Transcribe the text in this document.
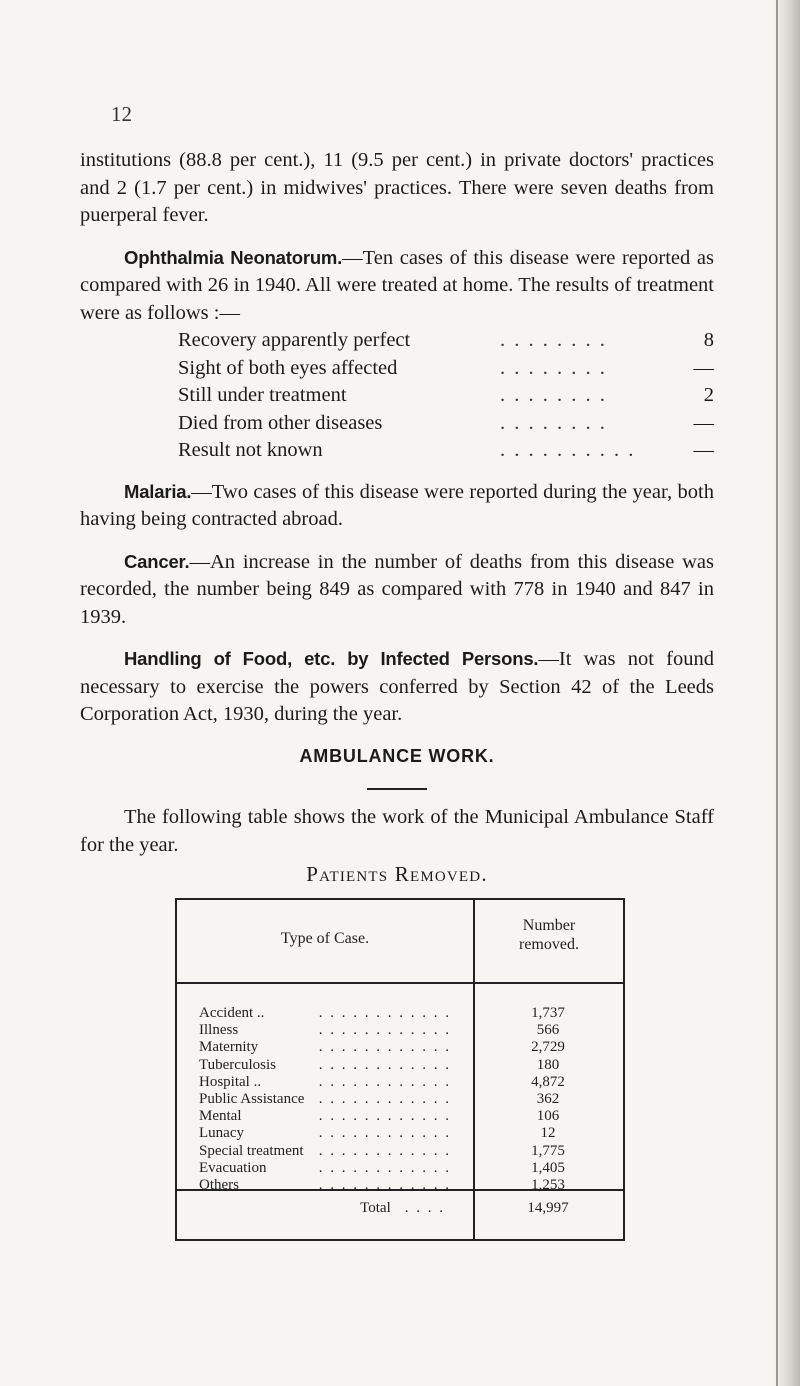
12

institutions (88.8 per cent.), 11 (9.5 per cent.) in private doctors' practices and 2 (1.7 per cent.) in midwives' practices. There were seven deaths from puerperal fever.

Ophthalmia Neonatorum.—Ten cases of this disease were reported as compared with 26 in 1940. All were treated at home. The results of treatment were as follows :—

Recovery apparently perfect	. . . . . . . .	8
Sight of both eyes affected	. . . . . . . .	—
Still under treatment	. . . . . . . .	2
Died from other diseases	. . . . . . . .	—
Result not known	. . . . . . . . . .	—

Malaria.—Two cases of this disease were reported during the year, both having being contracted abroad.

Cancer.—An increase in the number of deaths from this disease was recorded, the number being 849 as compared with 778 in 1940 and 847 in 1939.

Handling of Food, etc. by Infected Persons.—It was not found necessary to exercise the powers conferred by Section 42 of the Leeds Corporation Act, 1930, during the year.

AMBULANCE WORK.

The following table shows the work of the Municipal Ambulance Staff for the year.

Patients Removed.
Type of Case.
Number
removed.
Accident ..	. . . . . . . . . . . .	1,737
Illness	. . . . . . . . . . . .	566
Maternity	. . . . . . . . . . . .	2,729
Tuberculosis	. . . . . . . . . . . .	180
Hospital ..	. . . . . . . . . . . .	4,872
Public Assistance . . . . . . . . . . . .	362
Mental	. . . . . . . . . . . .	106
Lunacy	. . . . . . . . . . . .	12
Special treatment	. . . . . . . . . . . .	1,775
Evacuation	. . . . . . . . . . . .	1,405
Others	. . . . . . . . . . . .	1,253
Total . . . .	14,997
